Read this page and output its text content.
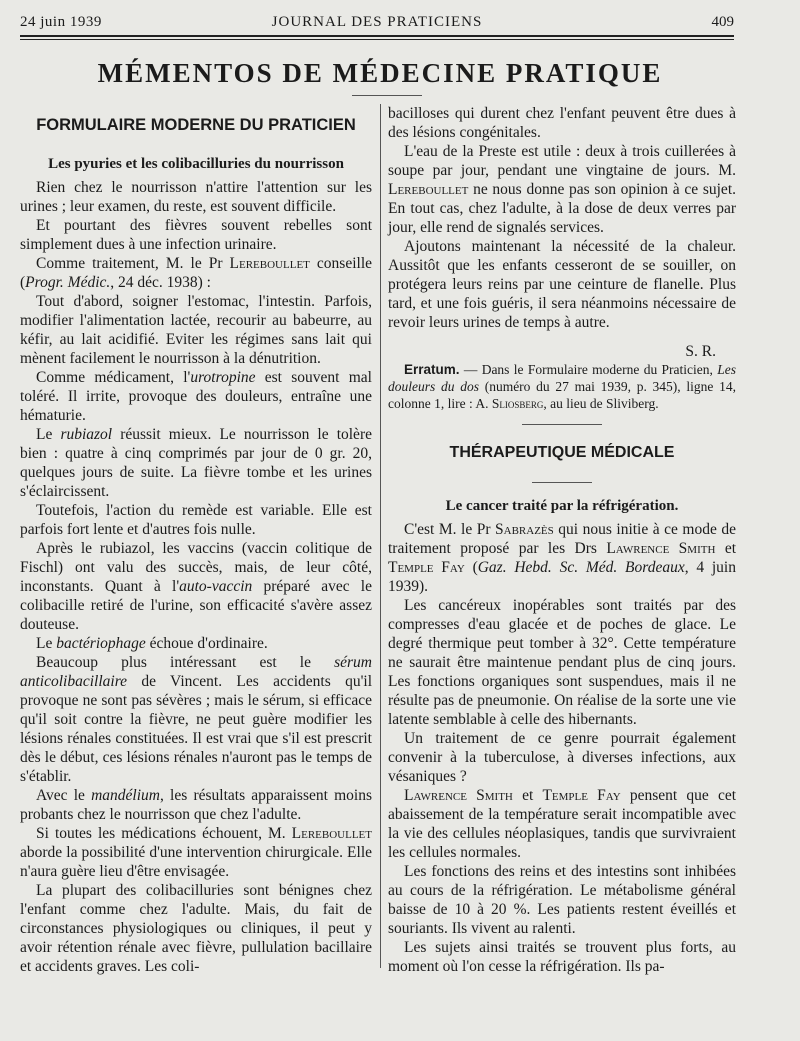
24 juin 1939	JOURNAL DES PRATICIENS	409
MÉMENTOS DE MÉDECINE PRATIQUE
FORMULAIRE MODERNE DU PRATICIEN
Les pyuries et les colibacilluries du nourrisson

Rien chez le nourrisson n'attire l'attention sur les urines ; leur examen, du reste, est souvent difficile.

Et pourtant des fièvres souvent rebelles sont simplement dues à une infection urinaire.

Comme traitement, M. le Pr Lereboullet conseille (Progr. Médic., 24 déc. 1938) :

Tout d'abord, soigner l'estomac, l'intestin. Parfois, modifier l'alimentation lactée, recourir au babeurre, au kéfir, au lait acidifié. Eviter les régimes sans lait qui mènent facilement le nourrisson à la dénutrition.

Comme médicament, l'urotropine est souvent mal toléré. Il irrite, provoque des douleurs, entraîne une hématurie.

Le rubiazol réussit mieux. Le nourrisson le tolère bien : quatre à cinq comprimés par jour de 0 gr. 20, quelques jours de suite. La fièvre tombe et les urines s'éclaircissent.

Toutefois, l'action du remède est variable. Elle est parfois fort lente et d'autres fois nulle.

Après le rubiazol, les vaccins (vaccin colitique de Fischl) ont valu des succès, mais, de leur côté, inconstants. Quant à l'auto-vaccin préparé avec le colibacille retiré de l'urine, son efficacité s'avère assez douteuse.

Le bactériophage échoue d'ordinaire.

Beaucoup plus intéressant est le sérum anticolibacillaire de Vincent. Les accidents qu'il provoque ne sont pas sévères ; mais le sérum, si efficace qu'il soit contre la fièvre, ne peut guère modifier les lésions rénales constituées. Il est vrai que s'il est prescrit dès le début, ces lésions rénales n'auront pas le temps de s'établir.

Avec le mandélium, les résultats apparaissent moins probants chez le nourrisson que chez l'adulte.

Si toutes les médications échouent, M. Lereboullet aborde la possibilité d'une intervention chirurgicale. Elle n'aura guère lieu d'être envisagée.

La plupart des colibacilluries sont bénignes chez l'enfant comme chez l'adulte. Mais, du fait de circonstances physiologiques ou cliniques, il peut y avoir rétention rénale avec fièvre, pullulation bacillaire et accidents graves. Les coli-

bacilloses qui durent chez l'enfant peuvent être dues à des lésions congénitales.

L'eau de la Preste est utile : deux à trois cuillerées à soupe par jour, pendant une vingtaine de jours. M. Lereboullet ne nous donne pas son opinion à ce sujet. En tout cas, chez l'adulte, à la dose de deux verres par jour, elle rend de signalés services.

Ajoutons maintenant la nécessité de la chaleur. Aussitôt que les enfants cesseront de se souiller, on protégera leurs reins par une ceinture de flanelle. Plus tard, et une fois guéris, il sera néanmoins nécessaire de revoir leurs urines de temps à autre.

S. R.

Erratum. — Dans le Formulaire moderne du Praticien, Les douleurs du dos (numéro du 27 mai 1939, p. 345), ligne 14, colonne 1, lire : A. Sliosberg, au lieu de Sliviberg.

THÉRAPEUTIQUE MÉDICALE
Le cancer traité par la réfrigération.

C'est M. le Pr Sabrazès qui nous initie à ce mode de traitement proposé par les Drs Lawrence Smith et Temple Fay (Gaz. Hebd. Sc. Méd. Bordeaux, 4 juin 1939).

Les cancéreux inopérables sont traités par des compresses d'eau glacée et de poches de glace. Le degré thermique peut tomber à 32°. Cette température ne saurait être maintenue pendant plus de cinq jours. Les fonctions organiques sont suspendues, mais il ne résulte pas de pneumonie. On réalise de la sorte une vie latente semblable à celle des hibernants.

Un traitement de ce genre pourrait également convenir à la tuberculose, à diverses infections, aux vésaniques ?

Lawrence Smith et Temple Fay pensent que cet abaissement de la température serait incompatible avec la vie des cellules néoplasiques, tandis que survivraient les cellules normales.

Les fonctions des reins et des intestins sont inhibées au cours de la réfrigération. Le métabolisme général baisse de 10 à 20 %. Les patients restent éveillés et souriants. Ils vivent au ralenti.

Les sujets ainsi traités se trouvent plus forts, au moment où l'on cesse la réfrigération. Ils pa-
